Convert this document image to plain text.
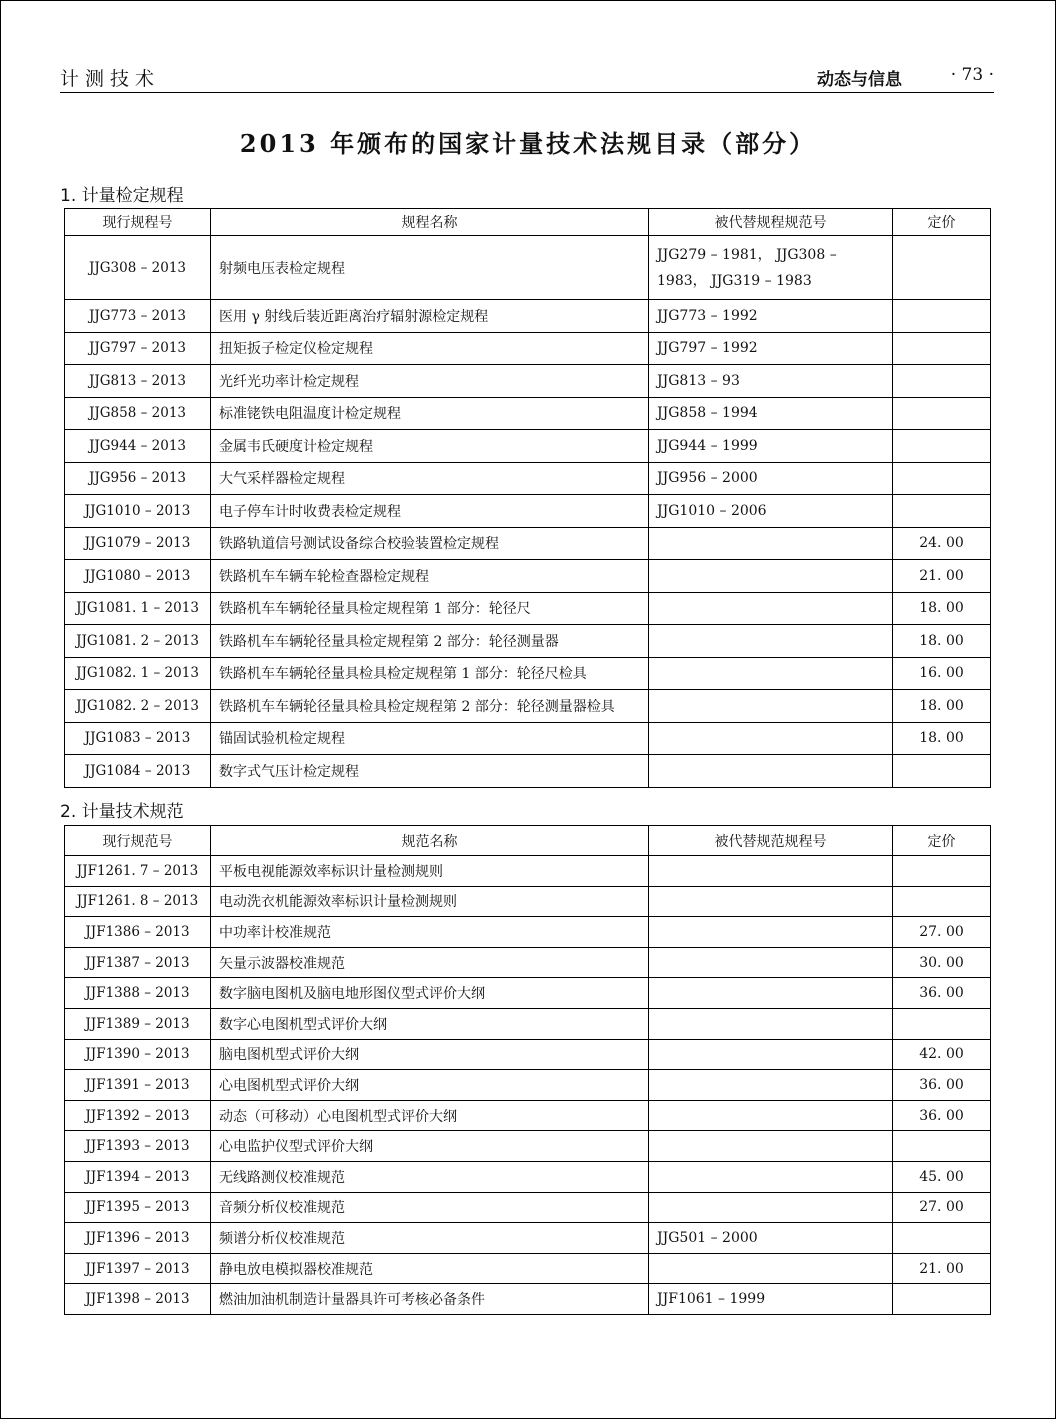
计测技术	动态与信息	· 73 ·
2013 年颁布的国家计量技术法规目录（部分）
1. 计量检定规程
现行规程号	规程名称	被代替规程规范号	定价
JJG308 – 2013	射频电压表检定规程	JJG279 – 1981， JJG308 – 1983， JJG319 – 1983	
JJG773 – 2013	医用 γ 射线后装近距离治疗辐射源检定规程	JJG773 – 1992	
JJG797 – 2013	扭矩扳子检定仪检定规程	JJG797 – 1992	
JJG813 – 2013	光纤光功率计检定规程	JJG813 – 93	
JJG858 – 2013	标准铑铁电阻温度计检定规程	JJG858 – 1994	
JJG944 – 2013	金属韦氏硬度计检定规程	JJG944 – 1999	
JJG956 – 2013	大气采样器检定规程	JJG956 – 2000	
JJG1010 – 2013	电子停车计时收费表检定规程	JJG1010 – 2006	
JJG1079 – 2013	铁路轨道信号测试设备综合校验装置检定规程		24. 00
JJG1080 – 2013	铁路机车车辆车轮检查器检定规程		21. 00
JJG1081. 1 – 2013	铁路机车车辆轮径量具检定规程第 1 部分：轮径尺		18. 00
JJG1081. 2 – 2013	铁路机车车辆轮径量具检定规程第 2 部分：轮径测量器		18. 00
JJG1082. 1 – 2013	铁路机车车辆轮径量具检具检定规程第 1 部分：轮径尺检具		16. 00
JJG1082. 2 – 2013	铁路机车车辆轮径量具检具检定规程第 2 部分：轮径测量器检具		18. 00
JJG1083 – 2013	锚固试验机检定规程		18. 00
JJG1084 – 2013	数字式气压计检定规程		
2. 计量技术规范
现行规范号	规范名称	被代替规范规程号	定价
JJF1261. 7 – 2013	平板电视能源效率标识计量检测规则		
JJF1261. 8 – 2013	电动洗衣机能源效率标识计量检测规则		
JJF1386 – 2013	中功率计校准规范		27. 00
JJF1387 – 2013	矢量示波器校准规范		30. 00
JJF1388 – 2013	数字脑电图机及脑电地形图仪型式评价大纲		36. 00
JJF1389 – 2013	数字心电图机型式评价大纲		
JJF1390 – 2013	脑电图机型式评价大纲		42. 00
JJF1391 – 2013	心电图机型式评价大纲		36. 00
JJF1392 – 2013	动态（可移动）心电图机型式评价大纲		36. 00
JJF1393 – 2013	心电监护仪型式评价大纲		
JJF1394 – 2013	无线路测仪校准规范		45. 00
JJF1395 – 2013	音频分析仪校准规范		27. 00
JJF1396 – 2013	频谱分析仪校准规范	JJG501 – 2000	
JJF1397 – 2013	静电放电模拟器校准规范		21. 00
JJF1398 – 2013	燃油加油机制造计量器具许可考核必备条件	JJF1061 – 1999	
